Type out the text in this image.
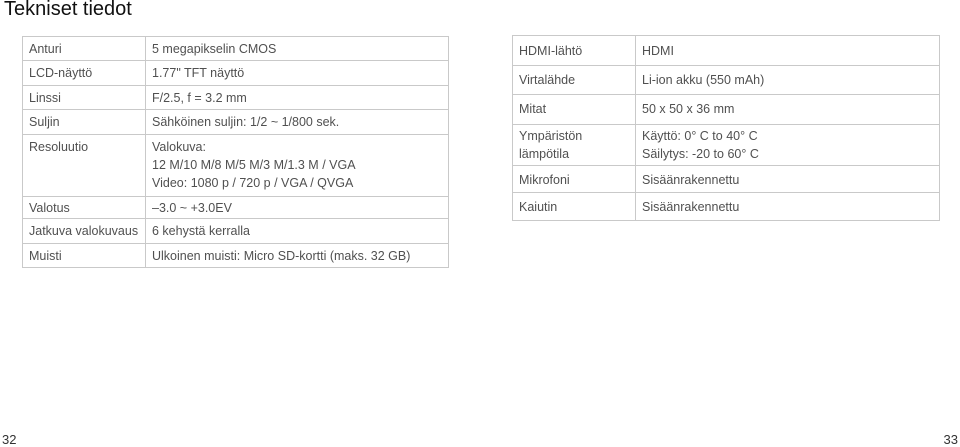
Tekniset tiedot
Anturi	5 megapikselin CMOS

LCD-näyttö	1.77" TFT näyttö

Linssi	F/2.5, f = 3.2 mm

Suljin	Sähköinen suljin: 1/2 ~ 1/800 sek.

Resoluutio	Valokuva:
12 M/10 M/8 M/5 M/3 M/1.3 M / VGA
Video: 1080 p / 720 p / VGA / QVGA

Valotus	–3.0 ~ +3.0EV

Jatkuva valokuvaus	6 kehystä kerralla

Muisti	Ulkoinen muisti: Micro SD-kortti (maks. 32 GB)
HDMI-lähtö	HDMI

Virtalähde	Li-ion akku (550 mAh)

Mitat	50 x 50 x 36 mm

Ympäristön
lämpötila	Käyttö: 0° C to 40° C
Säilytys: -20 to 60° C

Mikrofoni	Sisäänrakennettu

Kaiutin	Sisäänrakennettu
32	33
